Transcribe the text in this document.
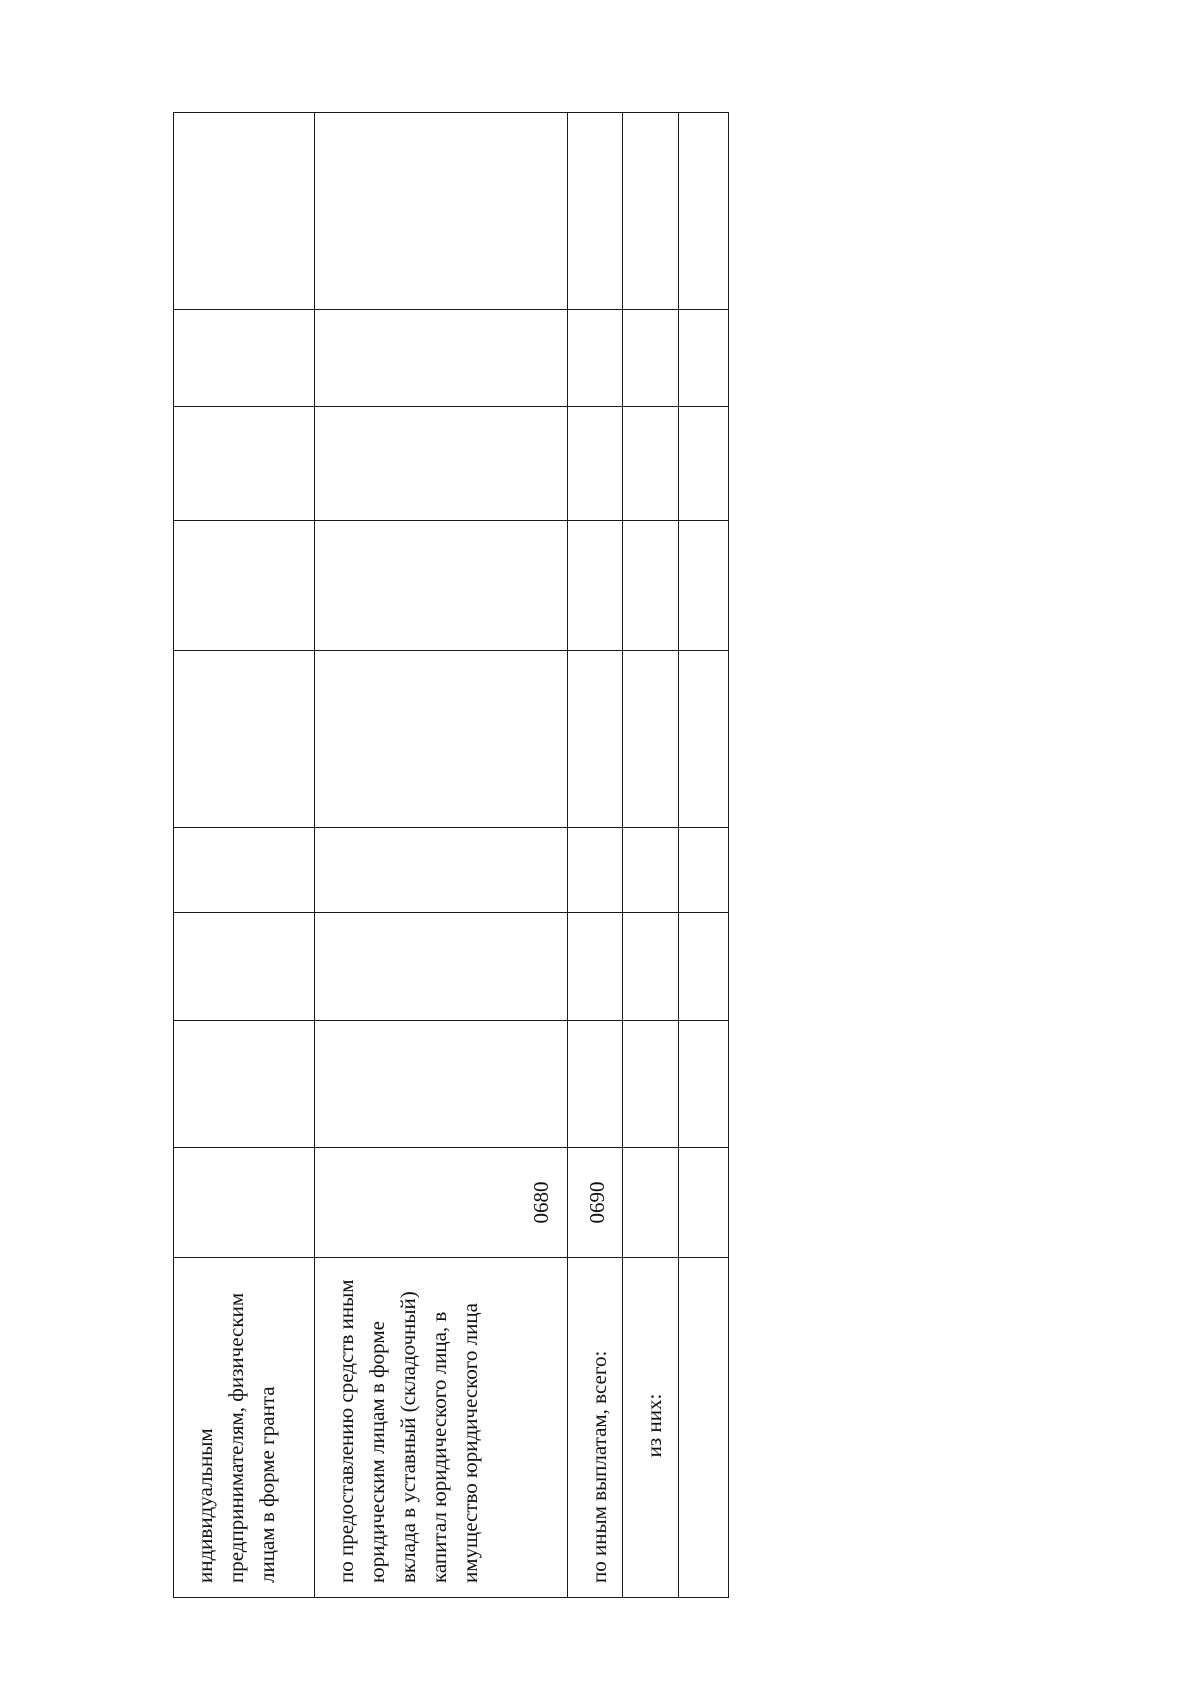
индивидуальным предпринимателям, физическим лицам в форме гранта									
по предоставлению средств иным юридическим лицам в форме вклада в уставный (складочный) капитал юридического лица, в имущество юридического лица	0680								
по иным выплатам, всего:	0690								
из них:									
